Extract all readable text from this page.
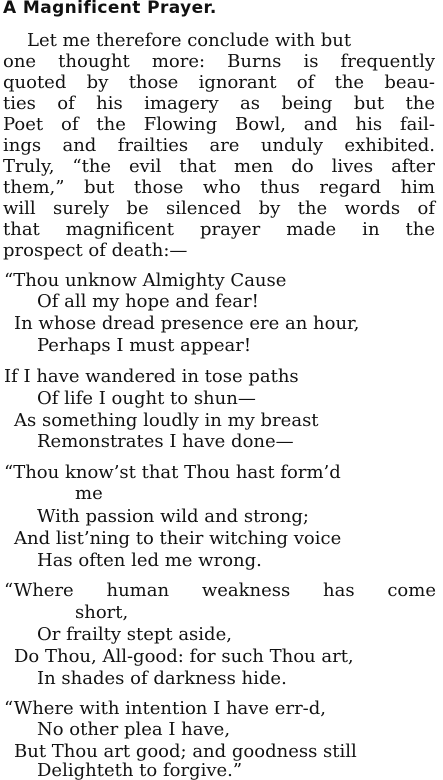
A Magnificent Prayer.
Let me therefore conclude with but
one thought more: Burns is frequently
quoted by those ignorant of the beau-
ties of his imagery as being but the
Poet of the Flowing Bowl, and his fail-
ings and frailties are unduly exhibited.
Truly, “the evil that men do lives after
them,” but those who thus regard him
will surely be silenced by the words of
that magnificent prayer made in the
prospect of death:—
“Thou unknow Almighty Cause
Of all my hope and fear!
In whose dread presence ere an hour,
Perhaps I must appear!
If I have wandered in tose paths
Of life I ought to shun—
As something loudly in my breast
Remonstrates I have done—
“Thou know’st that Thou hast form’d
me
With passion wild and strong;
And list’ning to their witching voice
Has often led me wrong.
“Where human weakness has come
short,
Or frailty stept aside,
Do Thou, All-good: for such Thou art,
In shades of darkness hide.
“Where with intention I have err-d,
No other plea I have,
But Thou art good; and goodness still
Delighteth to forgive.”
